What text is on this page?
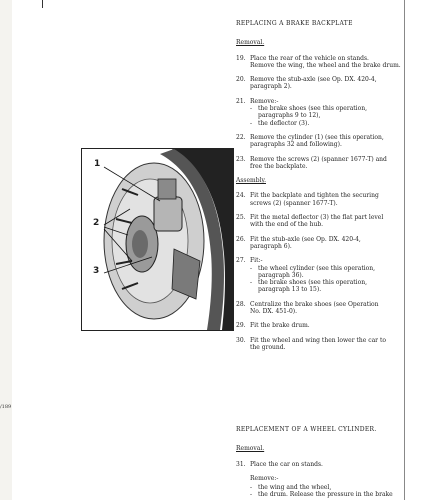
/189
1
2
3
REPLACING A BRAKE BACKPLATE
Removal.
19. Place the rear of the vehicle on stands.
Remove the wing, the wheel and the brake drum.
20. Remove the stub-axle (see Op. DX. 420-4,
paragraph 2).
21. Remove:-
- the brake shoes (see this operation,
paragraphs 9 to 12),
- the deflector (3).
22. Remove the cylinder (1) (see this operation,
paragraphs 32 and following).
23. Remove the screws (2) (spanner 1677-T) and
free the backplate.
Assembly.
24. Fit the backplate and tighten the securing
screws (2) (spanner 1677-T).
25. Fit the metal deflector (3) the flat part level
with the end of the hub.
26. Fit the stub-axle (see Op. DX. 420-4,
paragraph 6).
27. Fit:-
- the wheel cylinder (see this operation,
paragraph 36).
- the brake shoes (see this operation,
paragraph 13 to 15).
28. Centralize the brake shoes (see Operation
No. DX. 451-0).
29. Fit the brake drum.
30. Fit the wheel and wing then lower the car to
the ground.
REPLACEMENT OF A WHEEL CYLINDER.
Removal.
31. Place the car on stands.
Remove:-
- the wing and the wheel,
- the drum. Release the pressure in the brake
